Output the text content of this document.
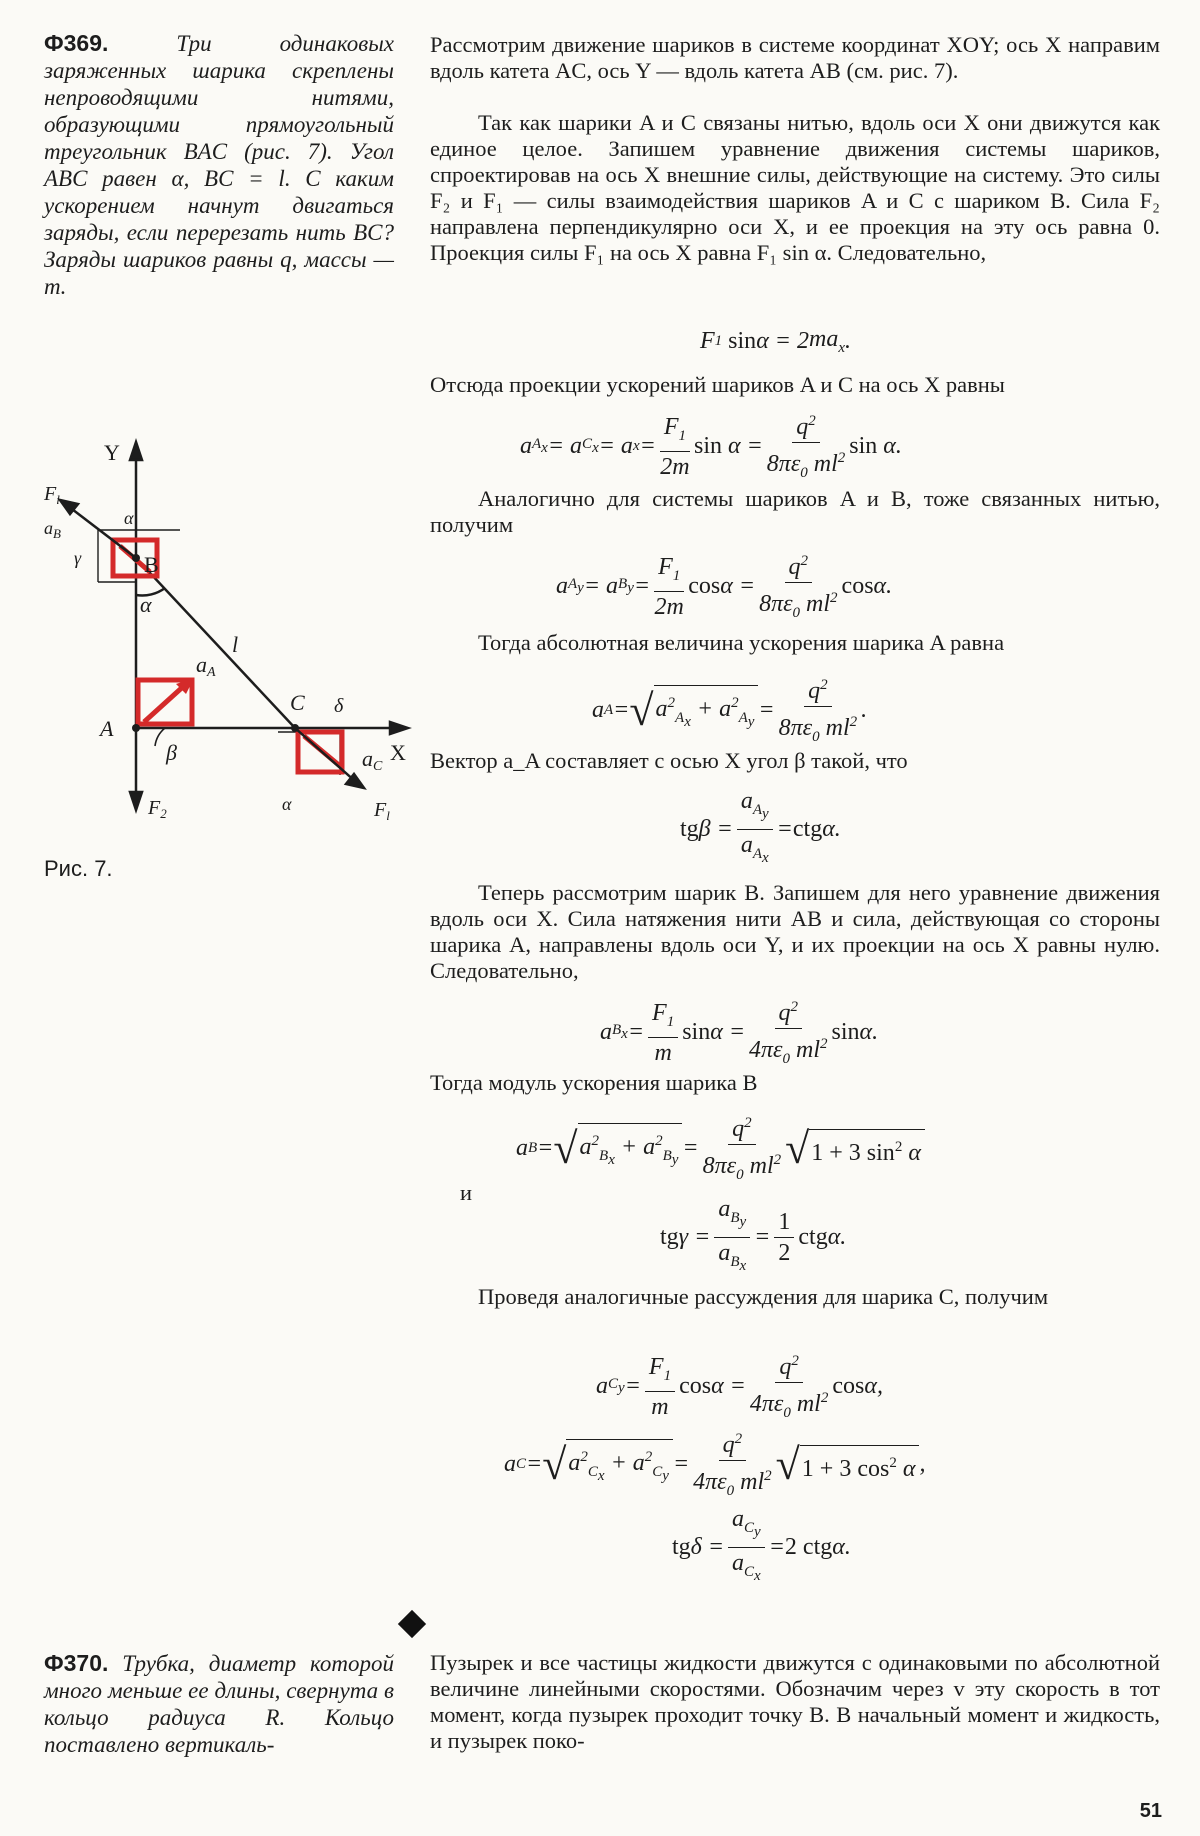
Ф369.	Три одинаковых заряженных шарика скреплены непроводящими нитями, образующими прямоугольный треугольник BAC (рис. 7). Угол ABC равен α, BC = l. С каким ускорением начнут двигаться заряды, если перерезать нить BC? Заряды шариков равны q, массы — m.
Y
X
B
A
C
l
α
β
γ
δ
α
α
aA
$a_B$
aC
$F_l$
$F_l$
$F_2$
Рис. 7.
Рассмотрим движение шариков в системе координат XOY; ось X направим вдоль катета AC, ось Y — вдоль катета AB (см. рис. 7).
Так как шарики A и C связаны нитью, вдоль оси X они движутся как единое целое. Запишем уравнение движения системы шариков, спроектировав на ось X внешние силы, действующие на систему. Это силы F₂ и F₁ — силы взаимодействия шариков A и C с шариком B. Сила F₂ направлена перпендикулярно оси X, и ее проекция на эту ось равна 0. Проекция силы F₁ на ось X равна F₁ sin α. Следовательно,
F 1
sin α = 2 $ma_x$ .
Отсюда проекции ускорений шариков A и C на ось X равны
a $A_x = a$ $C_x = a$ $x = \frac{F_1}{2m}$ $\sin \alpha = \frac{q^2}{8\pi\varepsilon_0 ml^2}$ sin α.
Аналогично для системы шариков A и B, тоже связанных нитью, получим
a $A_y = a$ $B_y = \frac{F_1}{2m}$ $\cos \alpha = \frac{q^2}{8\pi\varepsilon_0 ml^2}$ cos α.
Тогда абсолютная величина ускорения шарика A равна
a A = √ $a^2_{A_x} + a^2_{A_y} = \frac{q^2}{8\pi\varepsilon_0 ml^2}$ .
Вектор a_A составляет с осью X угол β такой, что
tg $\beta = \frac{a_{A_y}}{a_{A_x}}$ = ctg α.
Теперь рассмотрим шарик B. Запишем для него уравнение движения вдоль оси X. Сила натяжения нити AB и сила, действующая со стороны шарика A, направлены вдоль оси Y, и их проекции на ось X равны нулю. Следовательно,
a $B_x = \frac{F_1}{m}$ $\sin \alpha = \frac{q^2}{4\pi\varepsilon_0 ml^2}$ sin α.
Тогда модуль ускорения шарика B
a B = √ $a^2_{B_x} + a^2_{B_y} = \frac{q^2}{8\pi\varepsilon_0 ml^2}$ √ 1 + 3 $\sin^2 \alpha$
и
tg $\gamma = \frac{a_{B_y}}{a_{B_x}} = \frac{1}{2}$ ctg α.
Проведя аналогичные рассуждения для шарика C, получим
a $C_y = \frac{F_1}{m}$ $\cos \alpha = \frac{q^2}{4\pi\varepsilon_0 ml^2}$ cos α,
a C = √ $a^2_{C_x} + a^2_{C_y} = \frac{q^2}{4\pi\varepsilon_0 ml^2}$ √ 1 + 3 $\cos^2 \alpha$ ,
tg $\delta = \frac{a_{C_y}}{a_{C_x}} = 2$ ctg α.
Ф370. Трубка, диаметр которой много меньше ее длины, свернута в кольцо радиуса R. Кольцо поставлено вертикаль-
Пузырек и все частицы жидкости движутся с одинаковыми по абсолютной величине линейными скоростями. Обозначим через v эту скорость в тот момент, когда пузырек проходит точку B. В начальный момент и жидкость, и пузырек поко-
51
